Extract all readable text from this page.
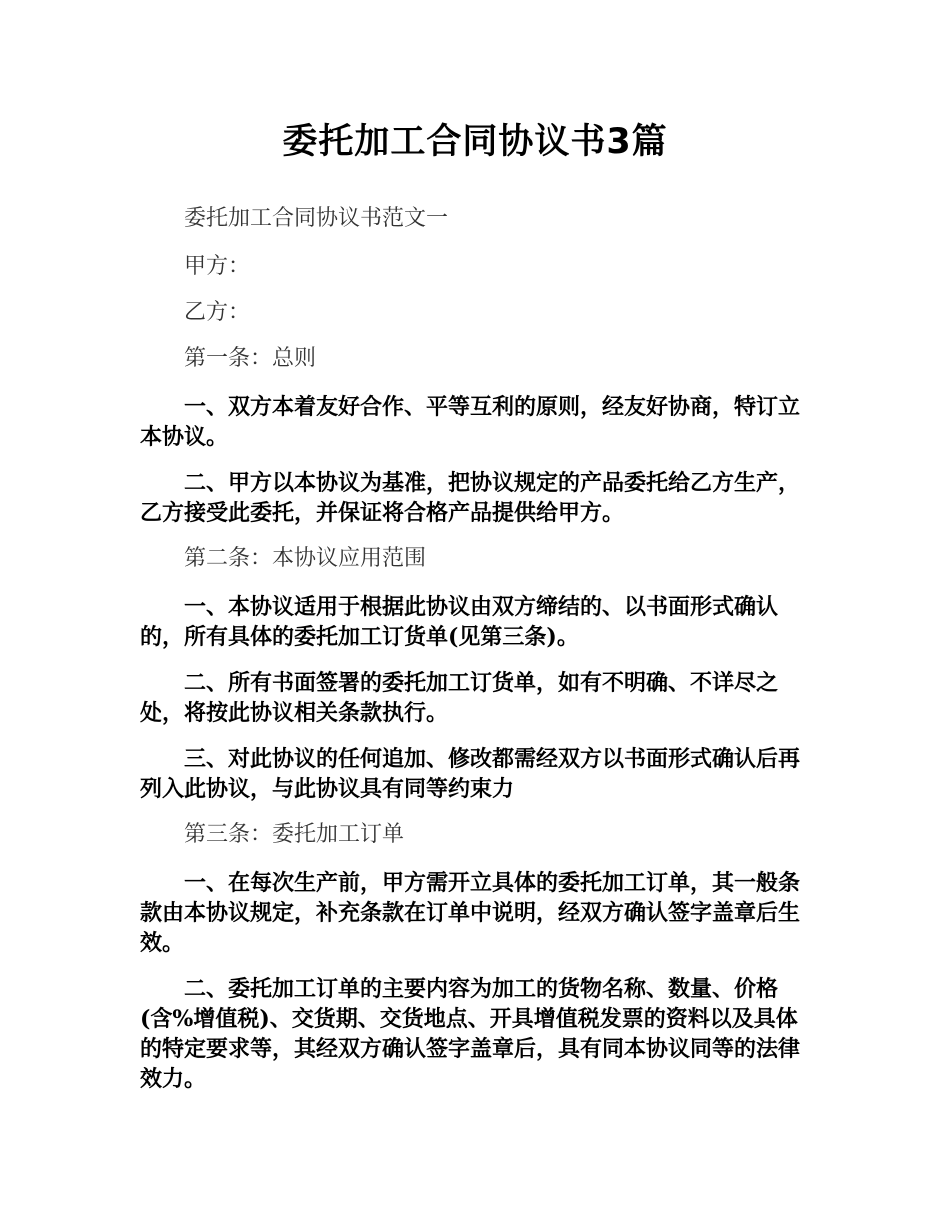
委托加工合同协议书3篇

委托加工合同协议书范文一

甲方：

乙方：

第一条：总则

一、双方本着友好合作、平等互利的原则，经友好协商，特订立本协议。

二、甲方以本协议为基准，把协议规定的产品委托给乙方生产，乙方接受此委托，并保证将合格产品提供给甲方。

第二条：本协议应用范围

一、本协议适用于根据此协议由双方缔结的、以书面形式确认的，所有具体的委托加工订货单(见第三条)。

二、所有书面签署的委托加工订货单，如有不明确、不详尽之处，将按此协议相关条款执行。

三、对此协议的任何追加、修改都需经双方以书面形式确认后再列入此协议，与此协议具有同等约束力

第三条：委托加工订单

一、在每次生产前，甲方需开立具体的委托加工订单，其一般条款由本协议规定，补充条款在订单中说明，经双方确认签字盖章后生效。

二、委托加工订单的主要内容为加工的货物名称、数量、价格(含%增值税)、交货期、交货地点、开具增值税发票的资料以及具体的特定要求等，其经双方确认签字盖章后，具有同本协议同等的法律效力。
